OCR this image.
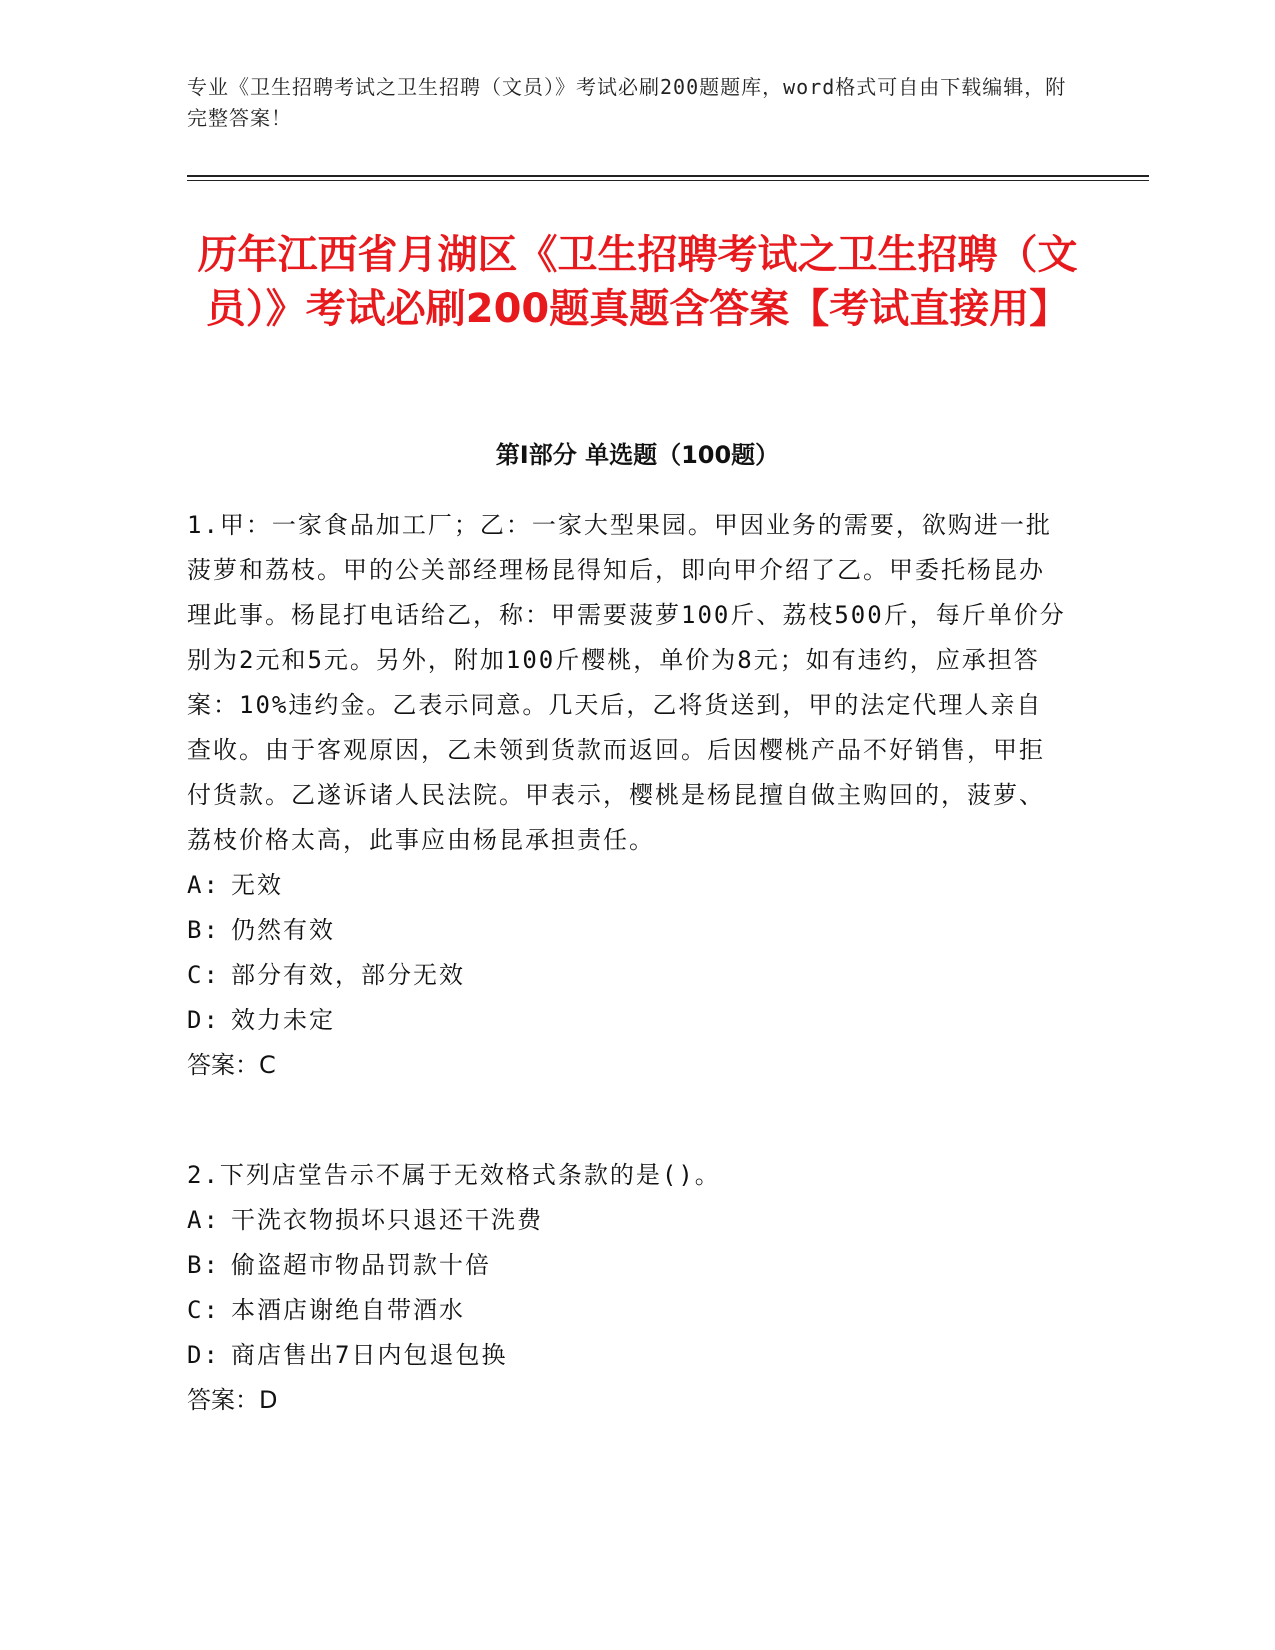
专业《卫生招聘考试之卫生招聘（文员）》考试必刷200题题库，word格式可自由下载编辑，附完整答案！
历年江西省月湖区《卫生招聘考试之卫生招聘（文员）》考试必刷200题真题含答案【考试直接用】
第I部分 单选题（100题）

1.甲：一家食品加工厂；乙：一家大型果园。甲因业务的需要，欲购进一批菠萝和荔枝。甲的公关部经理杨昆得知后，即向甲介绍了乙。甲委托杨昆办理此事。杨昆打电话给乙，称：甲需要菠萝100斤、荔枝500斤，每斤单价分别为2元和5元。另外，附加100斤樱桃，单价为8元；如有违约，应承担答案：10%违约金。乙表示同意。几天后，乙将货送到，甲的法定代理人亲自查收。由于客观原因，乙未领到货款而返回。后因樱桃产品不好销售，甲拒付货款。乙遂诉诸人民法院。甲表示，樱桃是杨昆擅自做主购回的，菠萝、荔枝价格太高，此事应由杨昆承担责任。

A: 无效

B: 仍然有效

C: 部分有效，部分无效

D: 效力未定

答案：C

2.下列店堂告示不属于无效格式条款的是()。

A: 干洗衣物损坏只退还干洗费

B: 偷盗超市物品罚款十倍

C: 本酒店谢绝自带酒水

D: 商店售出7日内包退包换

答案：D
